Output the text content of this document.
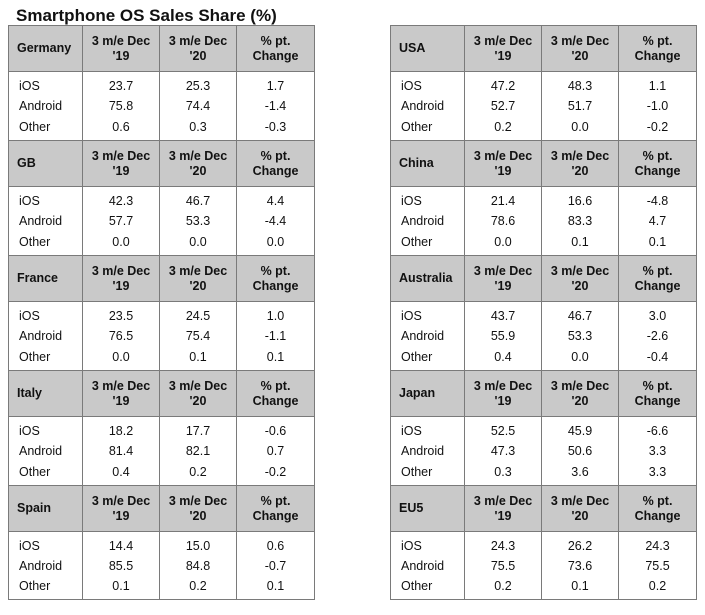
Smartphone OS Sales Share (%)
Germany
3 m/e Dec '19
3 m/e Dec '20
% pt. Change
iOS
Android
Other
23.7
75.8
0.6
25.3
74.4
0.3
1.7
-1.4
-0.3
GB
3 m/e Dec '19
3 m/e Dec '20
% pt. Change
iOS
Android
Other
42.3
57.7
0.0
46.7
53.3
0.0
4.4
-4.4
0.0
France
3 m/e Dec '19
3 m/e Dec '20
% pt. Change
iOS
Android
Other
23.5
76.5
0.0
24.5
75.4
0.1
1.0
-1.1
0.1
Italy
3 m/e Dec '19
3 m/e Dec '20
% pt. Change
iOS
Android
Other
18.2
81.4
0.4
17.7
82.1
0.2
-0.6
0.7
-0.2
Spain
3 m/e Dec '19
3 m/e Dec '20
% pt. Change
iOS
Android
Other
14.4
85.5
0.1
15.0
84.8
0.2
0.6
-0.7
0.1
USA
3 m/e Dec '19
3 m/e Dec '20
% pt. Change
iOS
Android
Other
47.2
52.7
0.2
48.3
51.7
0.0
1.1
-1.0
-0.2
China
3 m/e Dec '19
3 m/e Dec '20
% pt. Change
iOS
Android
Other
21.4
78.6
0.0
16.6
83.3
0.1
-4.8
4.7
0.1
Australia
3 m/e Dec '19
3 m/e Dec '20
% pt. Change
iOS
Android
Other
43.7
55.9
0.4
46.7
53.3
0.0
3.0
-2.6
-0.4
Japan
3 m/e Dec '19
3 m/e Dec '20
% pt. Change
iOS
Android
Other
52.5
47.3
0.3
45.9
50.6
3.6
-6.6
3.3
3.3
EU5
3 m/e Dec '19
3 m/e Dec '20
% pt. Change
iOS
Android
Other
24.3
75.5
0.2
26.2
73.6
0.1
24.3
75.5
0.2
